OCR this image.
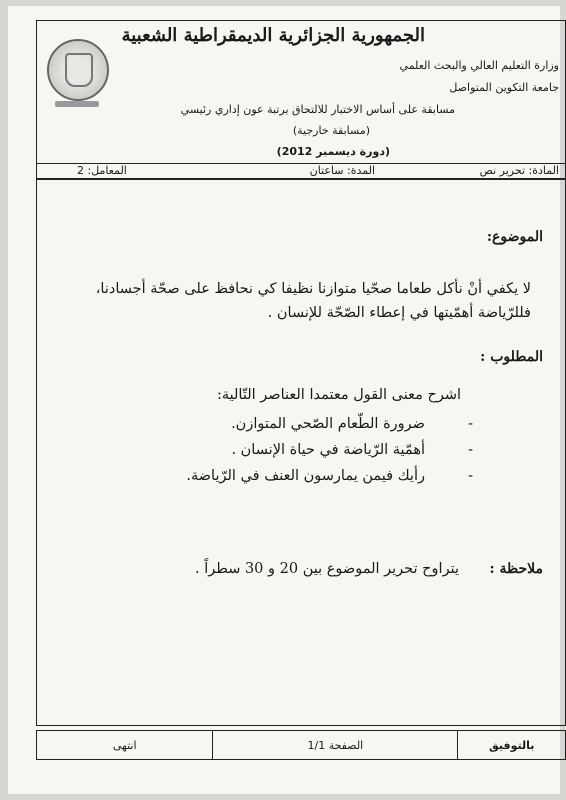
الجمهورية الجزائرية الديمقراطية الشعبية
وزارة التعليم العالي والبحث العلمي
جامعة التكوين المتواصل
مسابقة على أساس الاختبار للالتحاق برتبة عون إداري رئيسي
(مسابقة خارجية)
(دورة ديسمبر 2012)
المادة: تحرير نص
المدة: ساعتان
المعامل: 2
الموضوع:
لا يكفي أنْ نأكل طعاما صحّيا متوازنا نظيفا كي نحافظ على صحّة أجسادنا، فللرّياضة أهمّيتها في إعطاء الصّحّة للإنسان .
المطلوب :
اشرح معنى القول معتمدا العناصر التّالية:
-
ضرورة الطّعام الصّحي المتوازن.
-
أهمّية الرّياضة في حياة الإنسان .
-
رأيك فيمن يمارسون العنف في الرّياضة.
ملاحظة :
يتراوح تحرير الموضوع بين 20 و 30 سطراً .
بالتوفيق
الصفحة 1/1
انتهى
